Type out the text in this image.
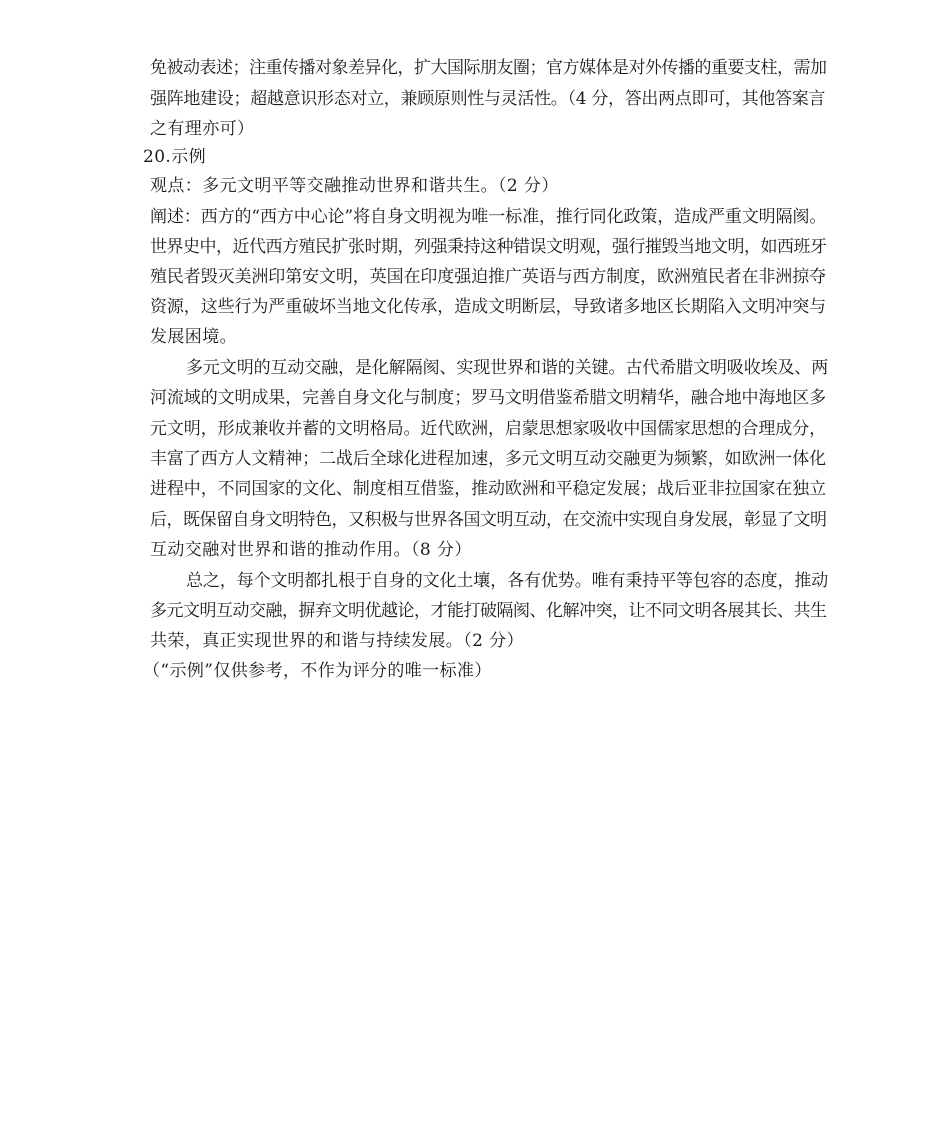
免被动表述；注重传播对象差异化，扩大国际朋友圈；官方媒体是对外传播的重要支柱，需加
强阵地建设；超越意识形态对立，兼顾原则性与灵活性。（4 分，答出两点即可，其他答案言
之有理亦可）
20.示例
观点：多元文明平等交融推动世界和谐共生。（2 分）
阐述：西方的“西方中心论”将自身文明视为唯一标准，推行同化政策，造成严重文明隔阂。
世界史中，近代西方殖民扩张时期，列强秉持这种错误文明观，强行摧毁当地文明，如西班牙
殖民者毁灭美洲印第安文明，英国在印度强迫推广英语与西方制度，欧洲殖民者在非洲掠夺
资源，这些行为严重破坏当地文化传承，造成文明断层，导致诸多地区长期陷入文明冲突与
发展困境。
多元文明的互动交融，是化解隔阂、实现世界和谐的关键。古代希腊文明吸收埃及、两
河流域的文明成果，完善自身文化与制度；罗马文明借鉴希腊文明精华，融合地中海地区多
元文明，形成兼收并蓄的文明格局。近代欧洲，启蒙思想家吸收中国儒家思想的合理成分，
丰富了西方人文精神；二战后全球化进程加速，多元文明互动交融更为频繁，如欧洲一体化
进程中，不同国家的文化、制度相互借鉴，推动欧洲和平稳定发展；战后亚非拉国家在独立
后，既保留自身文明特色，又积极与世界各国文明互动，在交流中实现自身发展，彰显了文明
互动交融对世界和谐的推动作用。（8 分）
总之，每个文明都扎根于自身的文化土壤，各有优势。唯有秉持平等包容的态度，推动
多元文明互动交融，摒弃文明优越论，才能打破隔阂、化解冲突，让不同文明各展其长、共生
共荣，真正实现世界的和谐与持续发展。（2 分）
（“示例”仅供参考，不作为评分的唯一标准）
